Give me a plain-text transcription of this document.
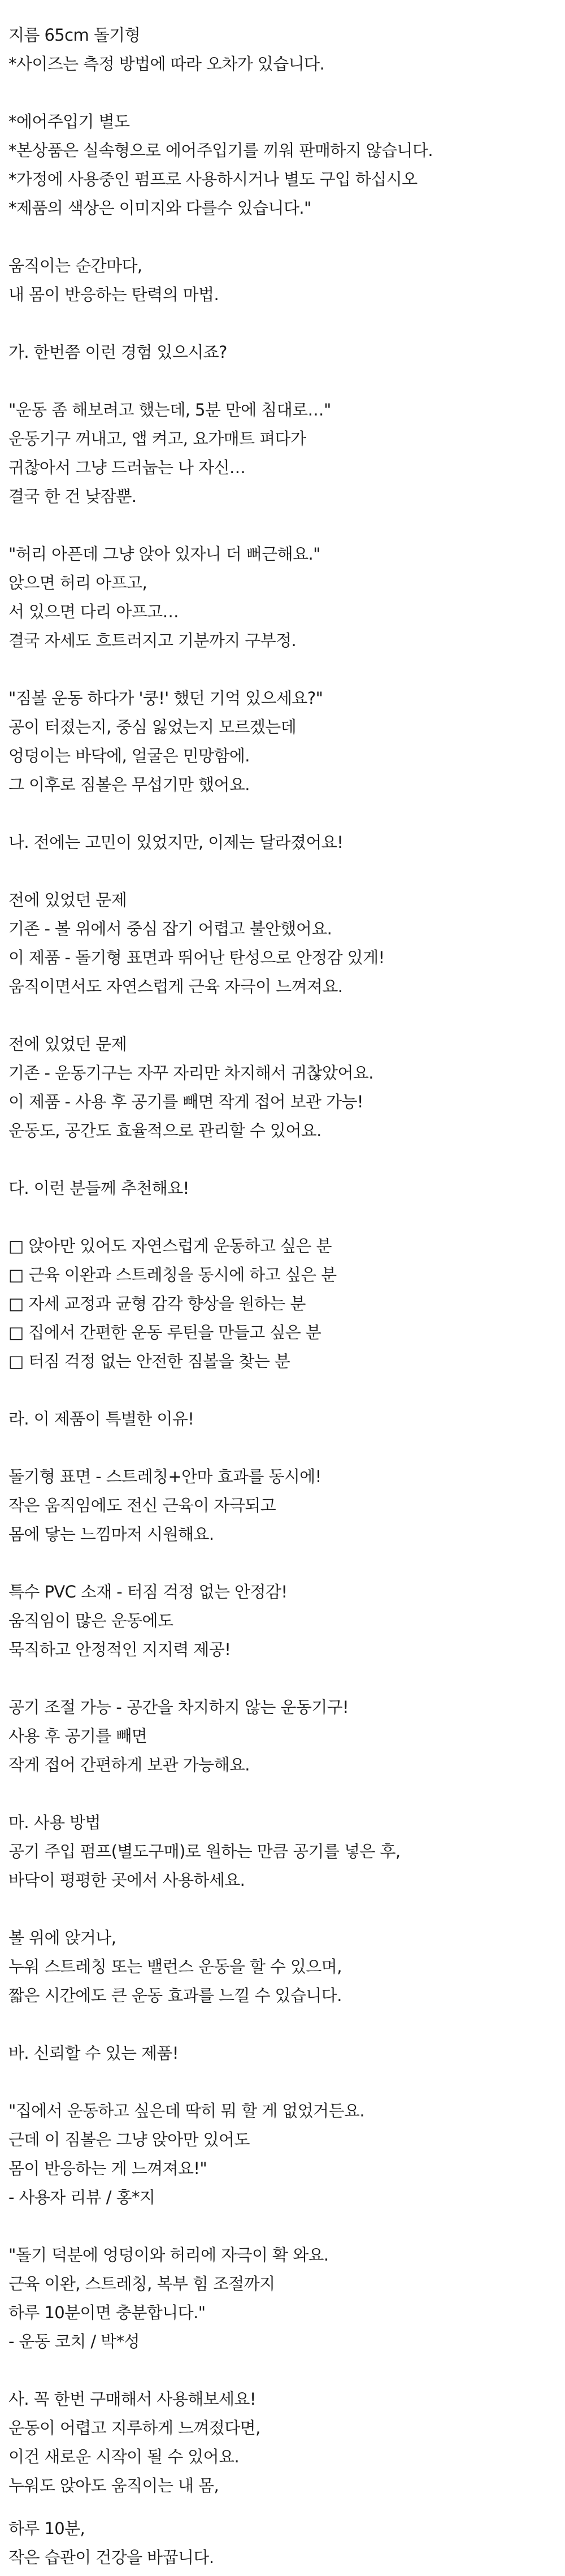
지름 65cm 돌기형
*사이즈는 측정 방법에 따라 오차가 있습니다.
*에어주입기 별도
*본상품은 실속형으로 에어주입기를 끼워 판매하지 않습니다.
*가정에 사용중인 펌프로 사용하시거나 별도 구입 하십시오
*제품의 색상은 이미지와 다를수 있습니다."
움직이는 순간마다,
내 몸이 반응하는 탄력의 마법.
가. 한번쯤 이런 경험 있으시죠?
"운동 좀 해보려고 했는데, 5분 만에 침대로…"
운동기구 꺼내고, 앱 켜고, 요가매트 펴다가
귀찮아서 그냥 드러눕는 나 자신…
결국 한 건 낮잠뿐.
"허리 아픈데 그냥 앉아 있자니 더 뻐근해요."
앉으면 허리 아프고,
서 있으면 다리 아프고…
결국 자세도 흐트러지고 기분까지 구부정.
"짐볼 운동 하다가 '쿵!' 했던 기억 있으세요?"
공이 터졌는지, 중심 잃었는지 모르겠는데
엉덩이는 바닥에, 얼굴은 민망함에.
그 이후로 짐볼은 무섭기만 했어요.
나. 전에는 고민이 있었지만, 이제는 달라졌어요!
전에 있었던 문제
기존 - 볼 위에서 중심 잡기 어렵고 불안했어요.
이 제품 - 돌기형 표면과 뛰어난 탄성으로 안정감 있게!
움직이면서도 자연스럽게 근육 자극이 느껴져요.
전에 있었던 문제
기존 - 운동기구는 자꾸 자리만 차지해서 귀찮았어요.
이 제품 - 사용 후 공기를 빼면 작게 접어 보관 가능!
운동도, 공간도 효율적으로 관리할 수 있어요.
다. 이런 분들께 추천해요!
□ 앉아만 있어도 자연스럽게 운동하고 싶은 분
□ 근육 이완과 스트레칭을 동시에 하고 싶은 분
□ 자세 교정과 균형 감각 향상을 원하는 분
□ 집에서 간편한 운동 루틴을 만들고 싶은 분
□ 터짐 걱정 없는 안전한 짐볼을 찾는 분
라. 이 제품이 특별한 이유!
돌기형 표면 - 스트레칭+안마 효과를 동시에!
작은 움직임에도 전신 근육이 자극되고
몸에 닿는 느낌마저 시원해요.
특수 PVC 소재 - 터짐 걱정 없는 안정감!
움직임이 많은 운동에도
묵직하고 안정적인 지지력 제공!
공기 조절 가능 - 공간을 차지하지 않는 운동기구!
사용 후 공기를 빼면
작게 접어 간편하게 보관 가능해요.
마. 사용 방법
공기 주입 펌프(별도구매)로 원하는 만큼 공기를 넣은 후,
바닥이 평평한 곳에서 사용하세요.
볼 위에 앉거나,
누워 스트레칭 또는 밸런스 운동을 할 수 있으며,
짧은 시간에도 큰 운동 효과를 느낄 수 있습니다.
바. 신뢰할 수 있는 제품!
"집에서 운동하고 싶은데 딱히 뭐 할 게 없었거든요.
근데 이 짐볼은 그냥 앉아만 있어도
몸이 반응하는 게 느껴져요!"
- 사용자 리뷰 / 홍*지
"돌기 덕분에 엉덩이와 허리에 자극이 확 와요.
근육 이완, 스트레칭, 복부 힘 조절까지
하루 10분이면 충분합니다."
- 운동 코치 / 박*성
사. 꼭 한번 구매해서 사용해보세요!
운동이 어렵고 지루하게 느껴졌다면,
이건 새로운 시작이 될 수 있어요.
누워도 앉아도 움직이는 내 몸,
하루 10분,
작은 습관이 건강을 바꿉니다.
